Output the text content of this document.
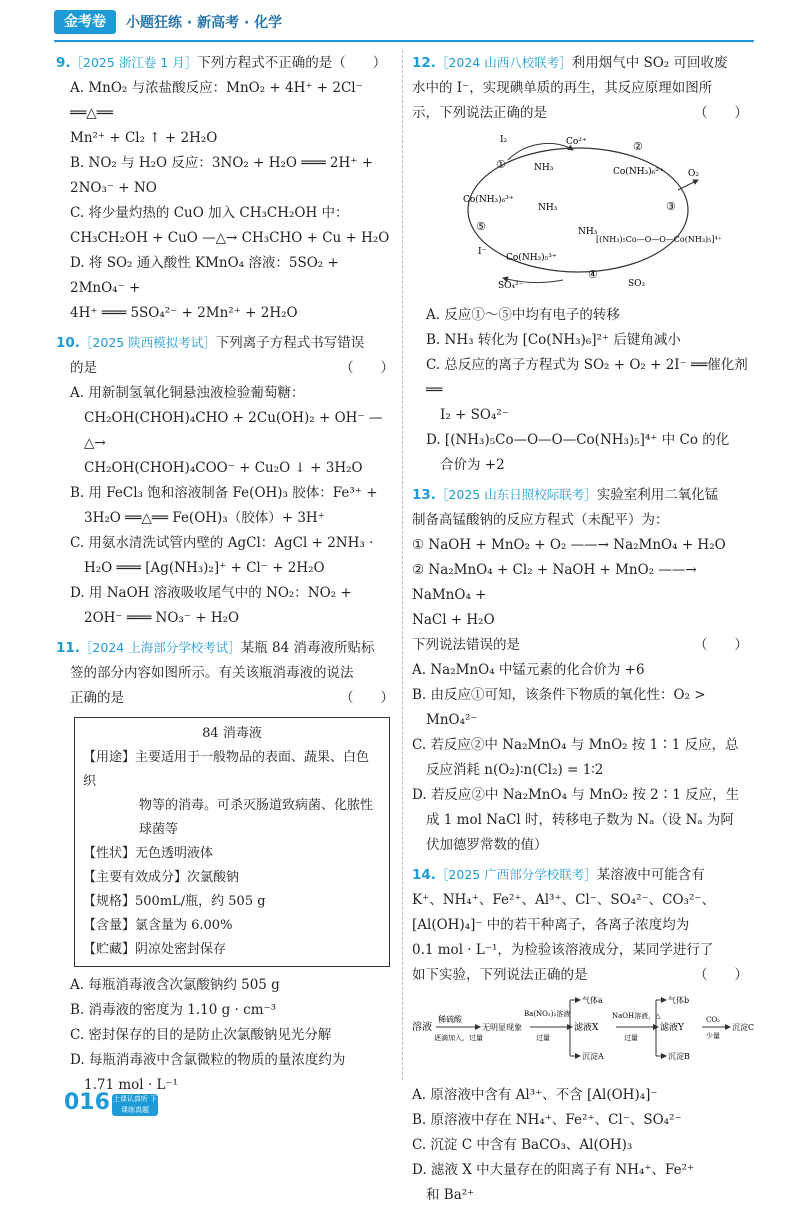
金考卷	小题狂练 · 新高考 · 化学
9.［2025 浙江卷 1 月］下列方程式不正确的是（　　）
A. MnO₂ 与浓盐酸反应：MnO₂ + 4H⁺ + 2Cl⁻ ══△══
Mn²⁺ + Cl₂ ↑ + 2H₂O
B. NO₂ 与 H₂O 反应：3NO₂ + H₂O ═══ 2H⁺ +
2NO₃⁻ + NO
C. 将少量灼热的 CuO 加入 CH₃CH₂OH 中：
CH₃CH₂OH + CuO —△→ CH₃CHO + Cu + H₂O
D. 将 SO₂ 通入酸性 KMnO₄ 溶液：5SO₂ + 2MnO₄⁻ +
4H⁺ ═══ 5SO₄²⁻ + 2Mn²⁺ + 2H₂O
10.［2025 陕西模拟考试］下列离子方程式书写错误
的是	（　　）
A. 用新制氢氧化铜悬浊液检验葡萄糖：
CH₂OH(CHOH)₄CHO + 2Cu(OH)₂ + OH⁻ —△→
CH₂OH(CHOH)₄COO⁻ + Cu₂O ↓ + 3H₂O
B. 用 FeCl₃ 饱和溶液制备 Fe(OH)₃ 胶体：Fe³⁺ +
3H₂O ══△══ Fe(OH)₃（胶体）+ 3H⁺
C. 用氨水清洗试管内壁的 AgCl：AgCl + 2NH₃ ·
H₂O ═══ [Ag(NH₃)₂]⁺ + Cl⁻ + 2H₂O
D. 用 NaOH 溶液吸收尾气中的 NO₂：NO₂ +
2OH⁻ ═══ NO₃⁻ + H₂O
11.［2024 上海部分学校考试］某瓶 84 消毒液所贴标
签的部分内容如图所示。有关该瓶消毒液的说法
正确的是	（　　）
84 消毒液
【用途】主要适用于一般物品的表面、蔬果、白色织
物等的消毒。可杀灭肠道致病菌、化脓性
球菌等
【性状】无色透明液体
【主要有效成分】次氯酸钠
【规格】500mL/瓶，约 505 g
【含量】氯含量为 6.00%
【贮藏】阴凉处密封保存
A. 每瓶消毒液含次氯酸钠约 505 g
B. 消毒液的密度为 1.10 g · cm⁻³
C. 密封保存的目的是防止次氯酸钠见光分解
D. 每瓶消毒液中含氯微粒的物质的量浓度约为
1.71 mol · L⁻¹
12.［2024 山西八校联考］利用烟气中 SO₂ 可回收废
水中的 I⁻，实现碘单质的再生，其反应原理如图所
示，下列说法正确的是	（　　）
I₂	Co²⁺	②
①	NH₃	Co(NH₃)₆²⁺	O₂
Co(NH₃)₆³⁺
NH₃	③
⑤	NH₃
[(NH₃)₅Co—O—O—Co(NH₃)₅]⁴⁺
I⁻
Co(NH₃)₅³⁺
④
SO₄²⁻	SO₂
A. 反应①～⑤中均有电子的转移
B. NH₃ 转化为 [Co(NH₃)₆]²⁺ 后键角减小
C. 总反应的离子方程式为 SO₂ + O₂ + 2I⁻ ══催化剂══
I₂ + SO₄²⁻
D. [(NH₃)₅Co—O—O—Co(NH₃)₅]⁴⁺ 中 Co 的化
合价为 +2
13.［2025 山东日照校际联考］实验室利用二氧化锰
制备高锰酸钠的反应方程式（未配平）为：
① NaOH + MnO₂ + O₂ ——→ Na₂MnO₄ + H₂O
② Na₂MnO₄ + Cl₂ + NaOH + MnO₂ ——→ NaMnO₄ +
NaCl + H₂O
下列说法错误的是	（　　）
A. Na₂MnO₄ 中锰元素的化合价为 +6
B. 由反应①可知，该条件下物质的氧化性：O₂ >
MnO₄²⁻
C. 若反应②中 Na₂MnO₄ 与 MnO₂ 按 1∶1 反应，总
反应消耗 n(O₂)∶n(Cl₂) = 1∶2
D. 若反应②中 Na₂MnO₄ 与 MnO₂ 按 2∶1 反应，生
成 1 mol NaCl 时，转移电子数为 Nₐ（设 Nₐ 为阿
伏加德罗常数的值）
14.［2025 广西部分学校联考］某溶液中可能含有
K⁺、NH₄⁺、Fe²⁺、Al³⁺、Cl⁻、SO₄²⁻、CO₃²⁻、
[Al(OH)₄]⁻ 中的若干种离子，各离子浓度均为
0.1 mol · L⁻¹，为检验该溶液成分，某同学进行了
如下实验，下列说法正确的是	（　　）
溶液
稀硫酸
逐滴加入，过量
无明显现象
Ba(NO₃)₂溶液
过量
气体a
滤液X
沉淀A
NaOH溶液，△
过量
气体b
滤液Y
沉淀B
CO₂
少量
沉淀C
A. 原溶液中含有 Al³⁺、不含 [Al(OH)₄]⁻
B. 原溶液中存在 NH₄⁺、Fe²⁺、Cl⁻、SO₄²⁻
C. 沉淀 C 中含有 BaCO₃、Al(OH)₃
D. 滤液 X 中大量存在的阳离子有 NH₄⁺、Fe²⁺
和 Ba²⁺
016 上课认真听 下课练真题
